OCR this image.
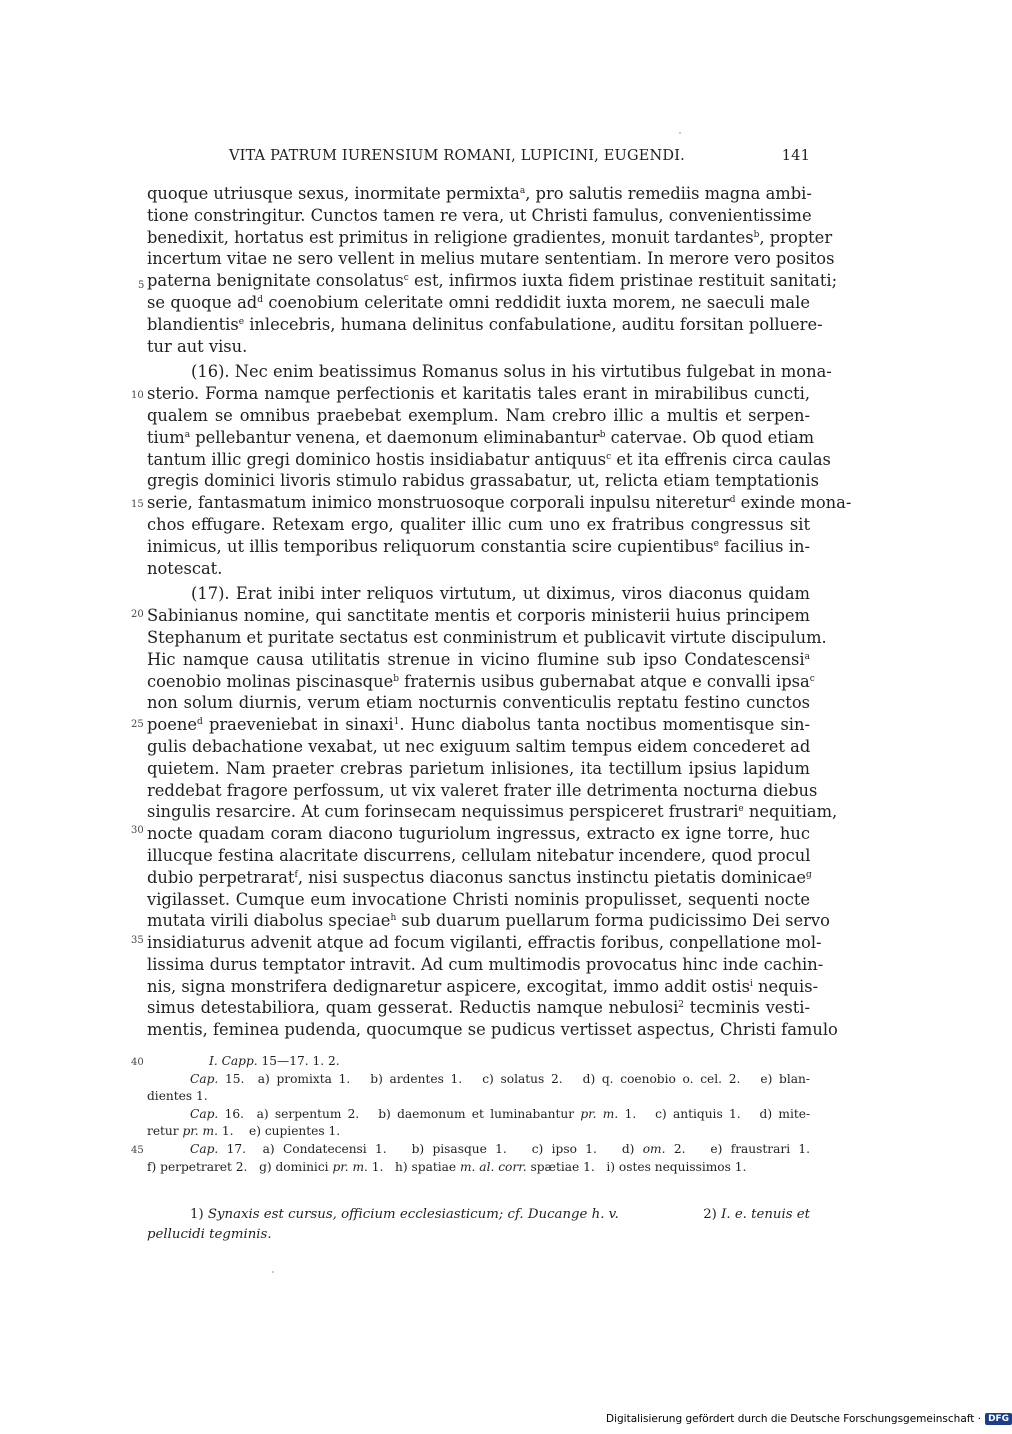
VITA PATRUM IURENSIUM ROMANI, LUPICINI, EUGENDI.	141
5
10
15
20
25
30
35
40
45
quoque utriusque sexus, inormitate permixta$^a$, pro salutis remediis magna ambi-
tione constringitur. Cunctos tamen re vera, ut Christi famulus, convenientissime
benedixit, hortatus est primitus in religione gradientes, monuit tardantes$^b$, propter
incertum vitae ne sero vellent in melius mutare sententiam. In merore vero positos
paterna benignitate consolatus$^c$ est, infirmos iuxta fidem pristinae restituit sanitati;
se quoque $ad^d$ coenobium celeritate omni reddidit iuxta morem, ne saeculi male
blandientis$^e$ inlecebris, humana delinitus confabulatione, auditu forsitan polluere-
tur aut visu.
(16). Nec enim beatissimus Romanus solus in his virtutibus fulgebat in mona-
sterio. Forma namque perfectionis et karitatis tales erant in mirabilibus cuncti,
qualem se omnibus praebebat exemplum. Nam crebro illic a multis et serpen-
tium$^a$ pellebantur venena, et daemonum eliminabantur$^b$ catervae. Ob quod etiam
tantum illic gregi dominico hostis insidiabatur antiquus$^c$ et ita effrenis circa caulas
gregis dominici livoris stimulo rabidus grassabatur, ut, relicta etiam temptationis
serie, fantasmatum inimico monstruosoque corporali inpulsu niteretur$^d$ exinde mona-
chos effugare. Retexam ergo, qualiter illic cum uno ex fratribus congressus sit
inimicus, ut illis temporibus reliquorum constantia scire cupientibus$^e$ facilius in-
notescat.
(17). Erat inibi inter reliquos virtutum, ut diximus, viros diaconus quidam
Sabinianus nomine, qui sanctitate mentis et corporis ministerii huius principem
Stephanum et puritate sectatus est conministrum et publicavit virtute discipulum.
Hic namque causa utilitatis strenue in vicino flumine sub ipso Condatescensi$^a$
coenobio molinas piscinasque$^b$ fraternis usibus gubernabat atque e convalli ipsa$^c$
non solum diurnis, verum etiam nocturnis conventiculis reptatu festino cunctos
poene$^d$ praeveniebat in sinaxi$^1$. Hunc diabolus tanta noctibus momentisque sin-
gulis debachatione vexabat, ut nec exiguum saltim tempus eidem concederet ad
quietem. Nam praeter crebras parietum inlisiones, ita tectillum ipsius lapidum
reddebat fragore perfossum, ut vix valeret frater ille detrimenta nocturna diebus
singulis resarcire. At cum forinsecam nequissimus perspiceret frustrari$^e$ nequitiam,
nocte quadam coram diacono tuguriolum ingressus, extracto ex igne torre, huc
illucque festina alacritate discurrens, cellulam nitebatur incendere, quod procul
dubio perpetrarat$^f$, nisi suspectus diaconus sanctus instinctu pietatis dominicae$^g$
vigilasset. Cumque eum invocatione Christi nominis propulisset, sequenti nocte
mutata virili diabolus speciae$^h$ sub duarum puellarum forma pudicissimo Dei servo
insidiaturus advenit atque ad focum vigilanti, effractis foribus, conpellatione mol-
lissima durus temptator intravit. Ad cum multimodis provocatus hinc inde cachin-
nis, signa monstrifera dedignaretur aspicere, excogitat, immo addit ostis$^i$ nequis-
simus detestabiliora, quam gesserat. Reductis namque nebulosi$^2$ tecminis vesti-
mentis, feminea pudenda, quocumque se pudicus vertisset aspectus, Christi famulo
I. Capp. 15—17. 1. 2.
Cap. 15. a) promixta 1. b) ardentes 1. c) solatus 2. d) q. coenobio o. cel. 2. e) blan-
dientes 1.
Cap. 16. a) serpentum 2. b) daemonum et luminabantur pr. m. 1. c) antiquis 1. d) mite-
retur pr. m. 1. e) cupientes 1.
Cap. 17. a) Condatecensi 1. b) pisasque 1. c) ipso 1. d) om. 2. e) fraustrari 1.
f) perpetraret 2. g) dominici pr. m. 1. h) spatiae m. al. corr. spætiae 1. i) ostes nequissimos 1.
1) Synaxis est cursus, officium ecclesiasticum; cf. Ducange h. v.	2) I. e. tenuis et
pellucidi tegminis.
Digitalisierung gefördert durch die Deutsche Forschungsgemeinschaft · DFG
